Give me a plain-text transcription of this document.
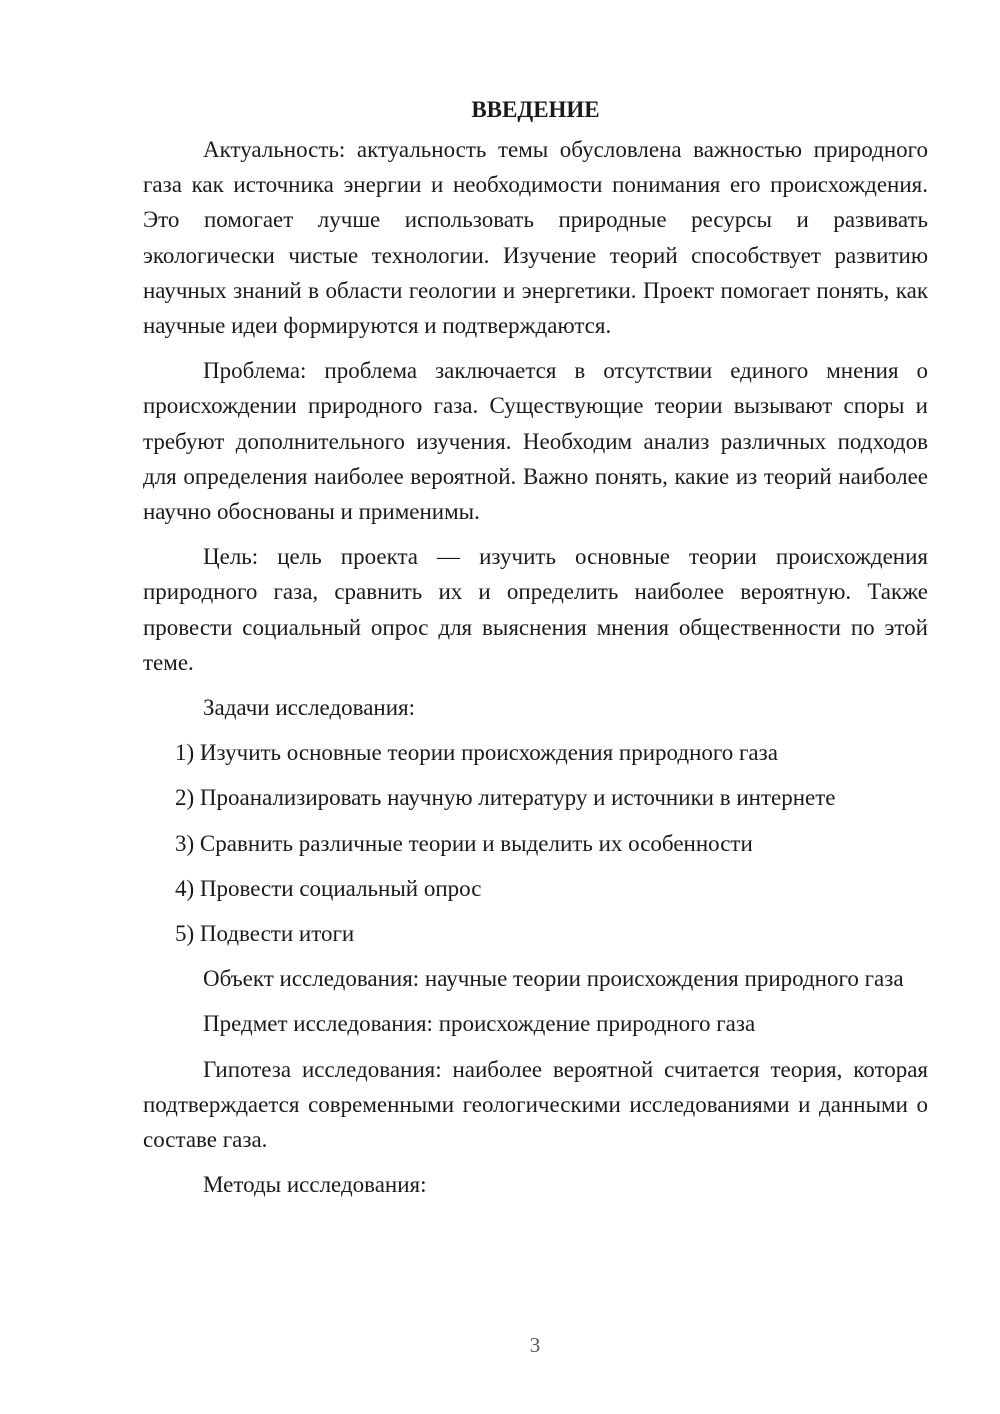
ВВЕДЕНИЕ

Актуальность: актуальность темы обусловлена важностью природного газа как источника энергии и необходимости понимания его происхождения. Это помогает лучше использовать природные ресурсы и развивать экологически чистые технологии. Изучение теорий способствует развитию научных знаний в области геологии и энергетики. Проект помогает понять, как научные идеи формируются и подтверждаются.

Проблема: проблема заключается в отсутствии единого мнения о происхождении природного газа. Существующие теории вызывают споры и требуют дополнительного изучения. Необходим анализ различных подходов для определения наиболее вероятной. Важно понять, какие из теорий наиболее научно обоснованы и применимы.

Цель: цель проекта — изучить основные теории происхождения природного газа, сравнить их и определить наиболее вероятную. Также провести социальный опрос для выяснения мнения общественности по этой теме.

Задачи исследования:

1) Изучить основные теории происхождения природного газа
2) Проанализировать научную литературу и источники в интернете
3) Сравнить различные теории и выделить их особенности
4) Провести социальный опрос
5) Подвести итоги

Объект исследования: научные теории происхождения природного газа

Предмет исследования: происхождение природного газа

Гипотеза исследования: наиболее вероятной считается теория, которая подтверждается современными геологическими исследованиями и данными о составе газа.

Методы исследования:

3
